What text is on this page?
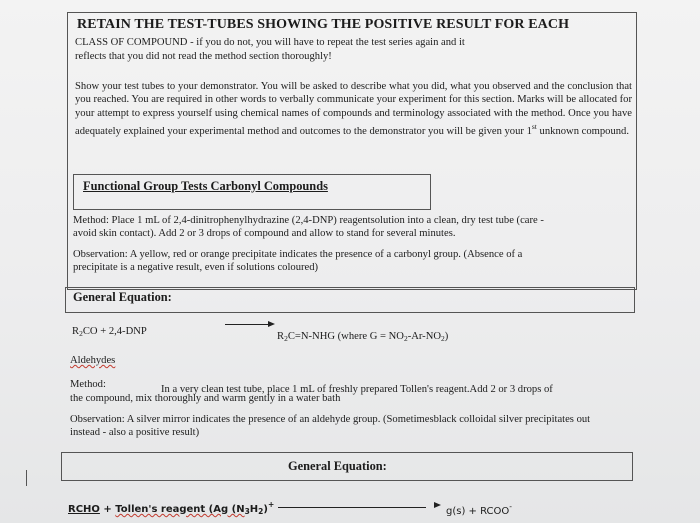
RETAIN THE TEST-TUBES SHOWING THE POSITIVE RESULT FOR EACH
CLASS OF COMPOUND - if you do not, you will have to repeat the test series again and it
reflects that you did not read the method section thoroughly!

Show your test tubes to your demonstrator. You will be asked to describe what you did, what you observed and the conclusion that you reached. You are required in other words to verbally communicate your experiment for this section. Marks will be allocated for your attempt to express yourself using chemical names of compounds and terminology associated with the method. Once you have adequately explained your experimental method and outcomes to the demonstrator you will be given your 1st unknown compound.

Functional Group Tests Carbonyl Compounds

Method: Place 1 mL of 2,4-dinitrophenylhydrazine (2,4-DNP) reagentsolution into a clean, dry test tube (care - avoid skin contact). Add 2 or 3 drops of compound and allow to stand for several minutes.

Observation: A yellow, red or orange precipitate indicates the presence of a carbonyl group. (Absence of a precipitate is a negative result, even if solutions coloured)

General Equation:
$R_2CO + 2,4-DNP$	$R_2C=N$-NHG (where $G = NO_2-Ar-NO_2$)
Aldehydes
Method:	In a very clean test tube, place 1 mL of freshly prepared Tollen's reagent.Add 2 or 3 drops of
the compound, mix thoroughly and warm gently in a water bath

Observation: A silver mirror indicates the presence of an aldehyde group. (Sometimesblack colloidal silver precipitates out instead - also a positive result)

General Equation:
RCHO + Tollen's reagent (Ag $(N_3H_2)^+$
g(s) + RCOO-
